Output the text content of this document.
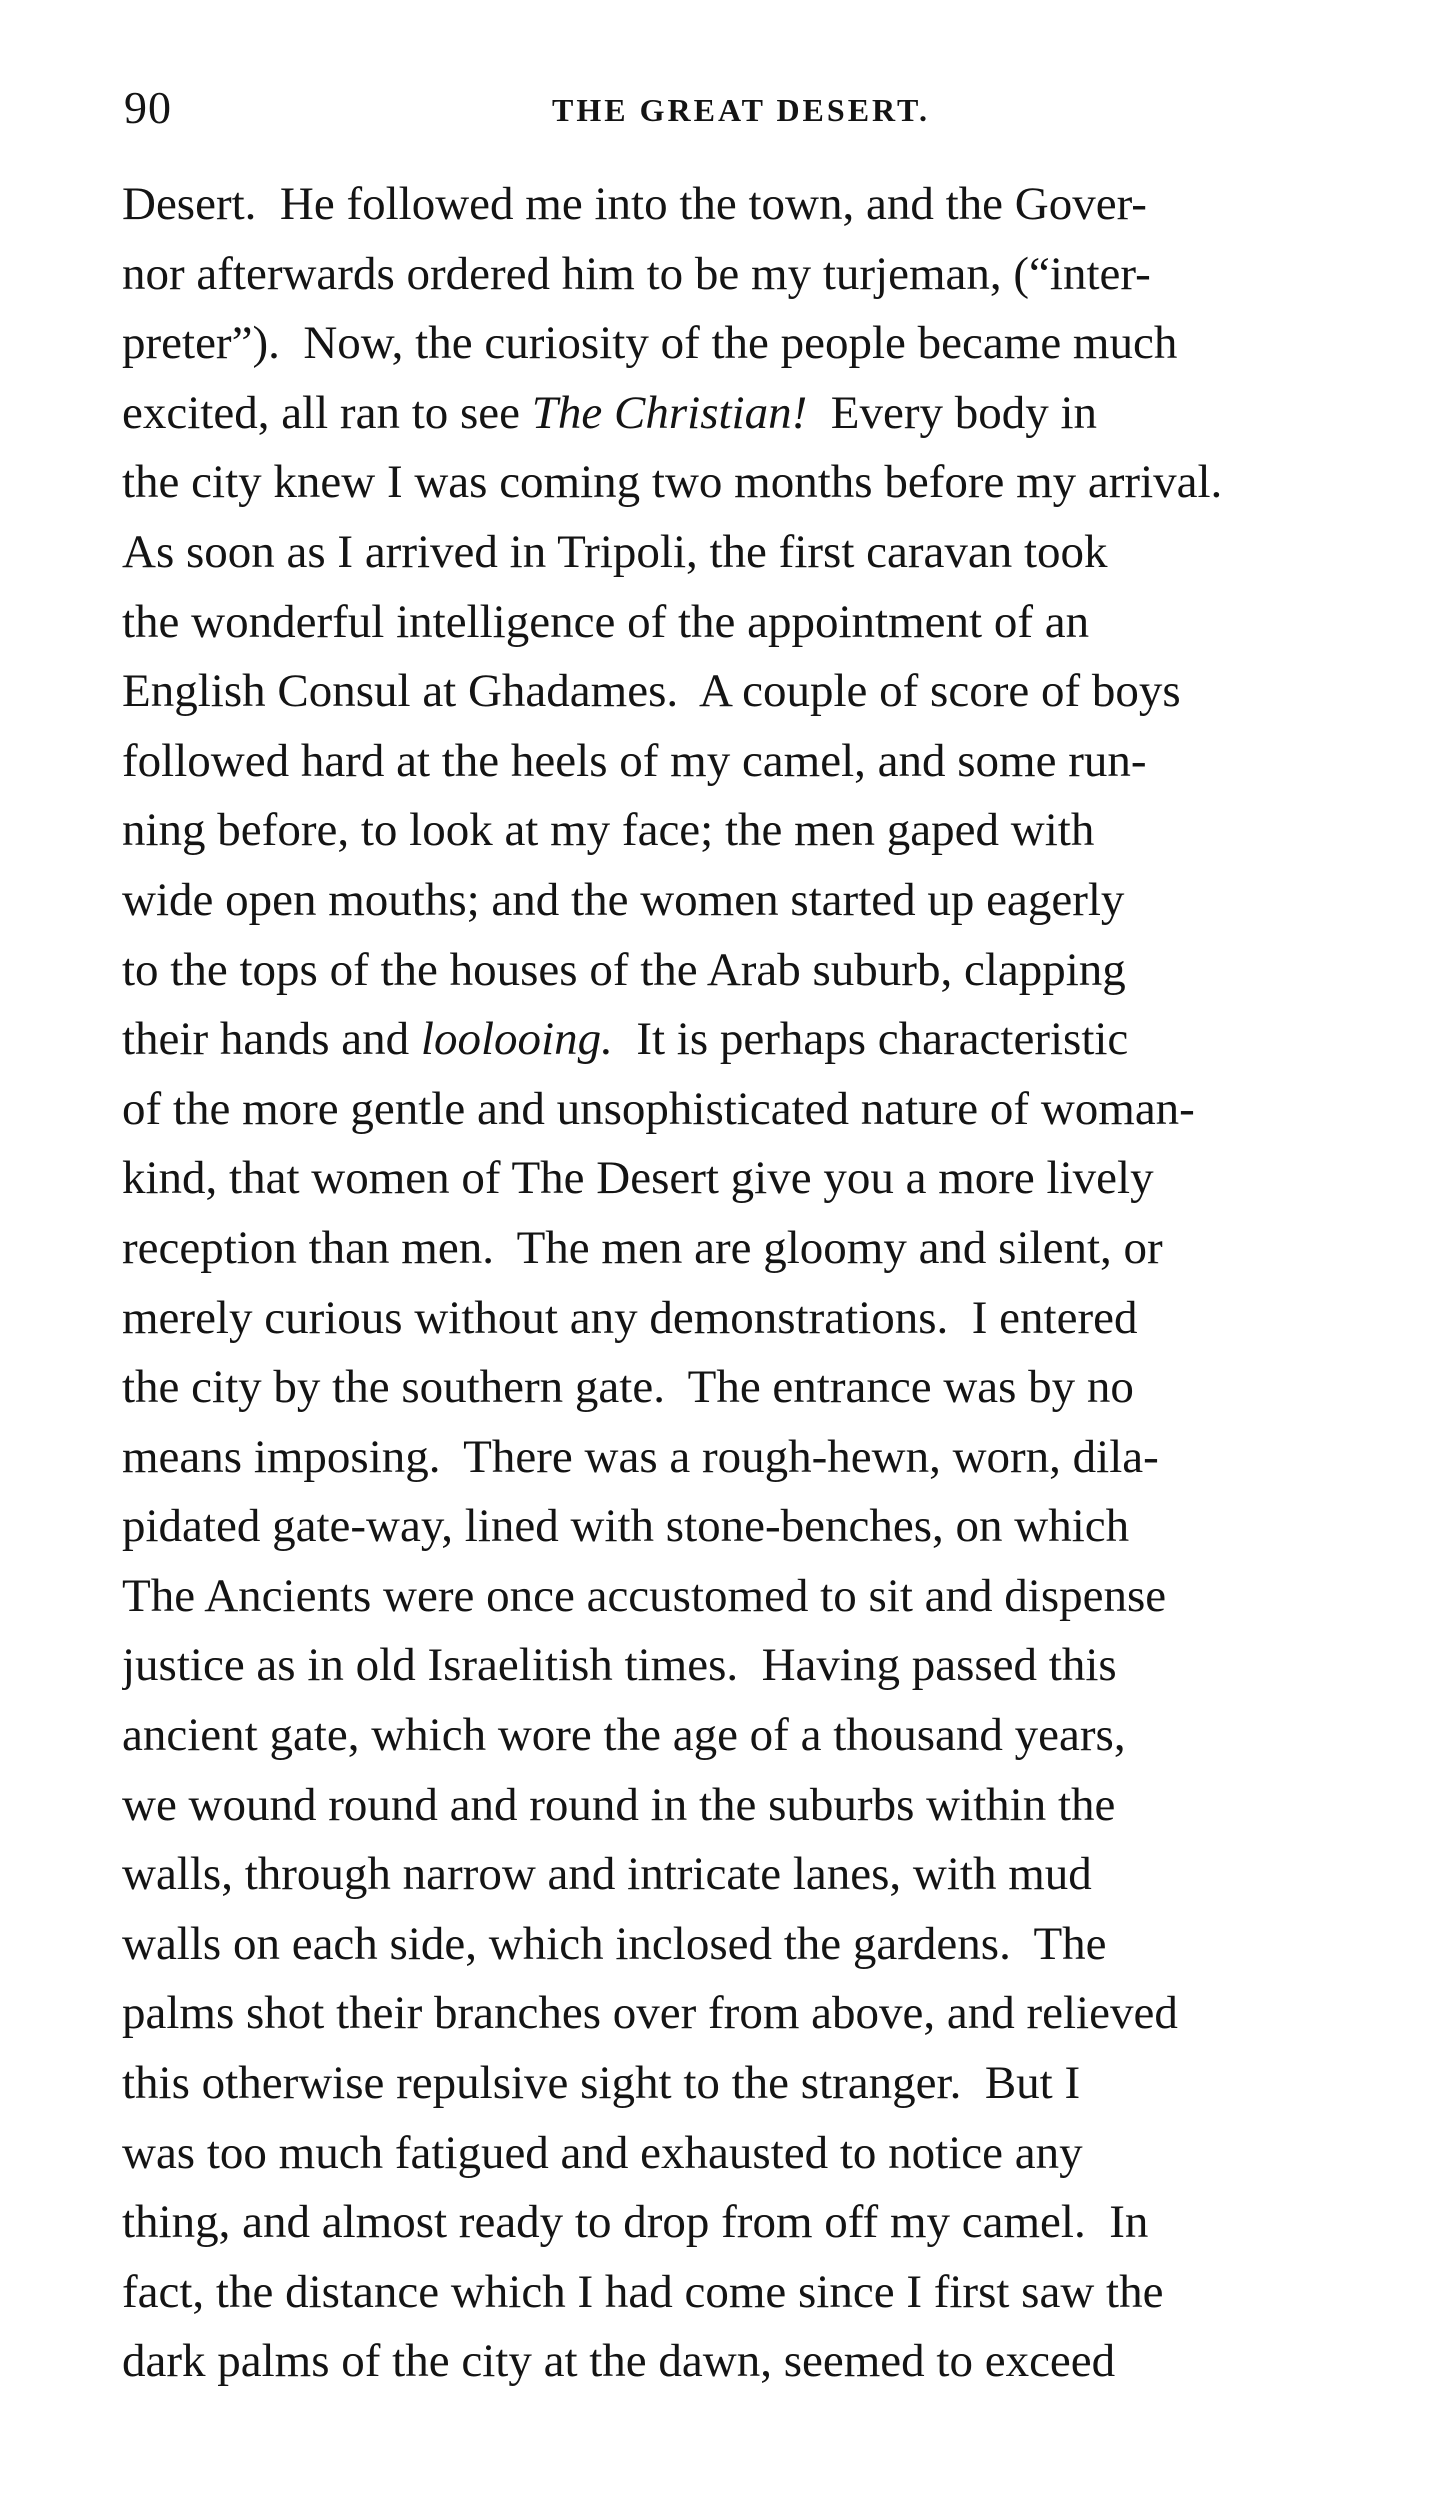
90	THE GREAT DESERT.
Desert.  He followed me into the town, and the Gover-
nor afterwards ordered him to be my turjeman, (“inter-
preter”).  Now, the curiosity of the people became much
excited, all ran to see The Christian!  Every body in
the city knew I was coming two months before my arrival.
As soon as I arrived in Tripoli, the first caravan took
the wonderful intelligence of the appointment of an
English Consul at Ghadames.  A couple of score of boys
followed hard at the heels of my camel, and some run-
ning before, to look at my face; the men gaped with
wide open mouths; and the women started up eagerly
to the tops of the houses of the Arab suburb, clapping
their hands and loolooing.  It is perhaps characteristic
of the more gentle and unsophisticated nature of woman-
kind, that women of The Desert give you a more lively
reception than men.  The men are gloomy and silent, or
merely curious without any demonstrations.  I entered
the city by the southern gate.  The entrance was by no
means imposing.  There was a rough-hewn, worn, dila-
pidated gate-way, lined with stone-benches, on which
The Ancients were once accustomed to sit and dispense
justice as in old Israelitish times.  Having passed this
ancient gate, which wore the age of a thousand years,
we wound round and round in the suburbs within the
walls, through narrow and intricate lanes, with mud
walls on each side, which inclosed the gardens.  The
palms shot their branches over from above, and relieved
this otherwise repulsive sight to the stranger.  But I
was too much fatigued and exhausted to notice any
thing, and almost ready to drop from off my camel.  In
fact, the distance which I had come since I first saw the
dark palms of the city at the dawn, seemed to exceed
